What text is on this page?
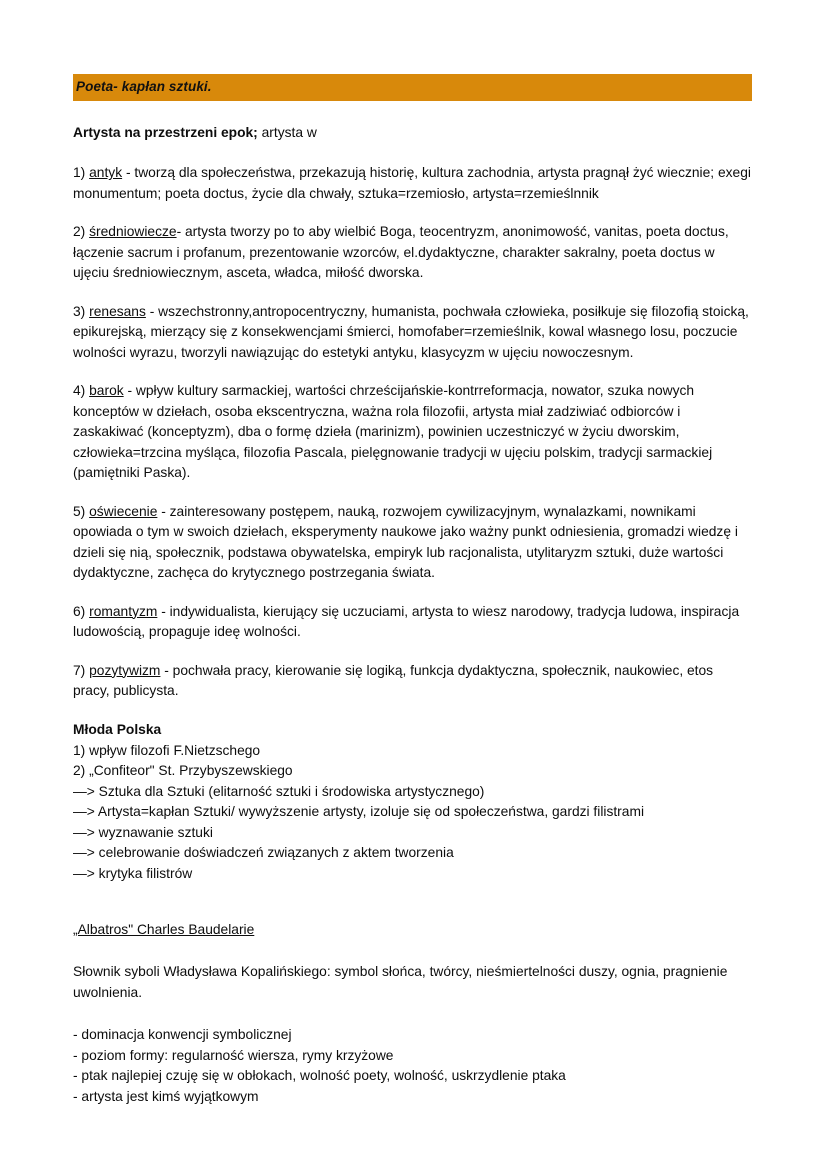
Poeta- kapłan sztuki.
Artysta na przestrzeni epok; artysta w
1) antyk - tworzą dla społeczeństwa, przekazują historię, kultura zachodnia, artysta pragnął żyć wiecznie; exegi monumentum; poeta doctus, życie dla chwały, sztuka=rzemiosło, artysta=rzemieślnnik
2) średniowiecze- artysta tworzy po to aby wielbić Boga, teocentryzm, anonimowość, vanitas, poeta doctus, łączenie sacrum i profanum, prezentowanie wzorców, el.dydaktyczne, charakter sakralny, poeta doctus w ujęciu średniowiecznym, asceta, władca, miłość dworska.
3) renesans - wszechstronny,antropocentryczny, humanista, pochwała człowieka, posiłkuje się filozofią stoicką, epikurejską, mierzący się z konsekwencjami śmierci, homofaber=rzemieślnik, kowal własnego losu, poczucie wolności wyrazu, tworzyli nawiązując do estetyki antyku, klasycyzm w ujęciu nowoczesnym.
4) barok - wpływ kultury sarmackiej, wartości chrześcijańskie-kontrreformacja, nowator, szuka nowych konceptów w dziełach, osoba ekscentryczna, ważna rola filozofii, artysta miał zadziwiać odbiorców i zaskakiwać (konceptyzm), dba o formę dzieła (marinizm), powinien uczestniczyć w życiu dworskim, człowieka=trzcina myśląca, filozofia Pascala, pielęgnowanie tradycji w ujęciu polskim, tradycji sarmackiej (pamiętniki Paska).
5) oświecenie - zainteresowany postępem, nauką, rozwojem cywilizacyjnym, wynalazkami, nownikami opowiada o tym w swoich dziełach, eksperymenty naukowe jako ważny punkt odniesienia, gromadzi wiedzę i dzieli się nią, społecznik, podstawa obywatelska, empiryk lub racjonalista, utylitaryzm sztuki, duże wartości dydaktyczne, zachęca do krytycznego postrzegania świata.
6) romantyzm - indywidualista, kierujący się uczuciami, artysta to wiesz narodowy, tradycja ludowa, inspiracja ludowością, propaguje ideę wolności.
7) pozytywizm - pochwała pracy, kierowanie się logiką, funkcja dydaktyczna, społecznik, naukowiec, etos pracy, publicysta.
Młoda Polska
1) wpływ filozofi F.Nietzschego
2) „Confiteor" St. Przybyszewskiego
—> Sztuka dla Sztuki (elitarność sztuki i środowiska artystycznego)
—> Artysta=kapłan Sztuki/ wywyższenie artysty, izoluje się od społeczeństwa, gardzi filistrami
—> wyznawanie sztuki
—> celebrowanie doświadczeń związanych z aktem tworzenia
—> krytyka filistrów
„Albatros" Charles Baudelarie
Słownik syboli Władysława Kopalińskiego: symbol słońca, twórcy, nieśmiertelności duszy, ognia, pragnienie uwolnienia.
- dominacja konwencji symbolicznej
- poziom formy: regularność wiersza, rymy krzyżowe
- ptak najlepiej czuję się w obłokach, wolność poety, wolność, uskrzydlenie ptaka
- artysta jest kimś wyjątkowym
